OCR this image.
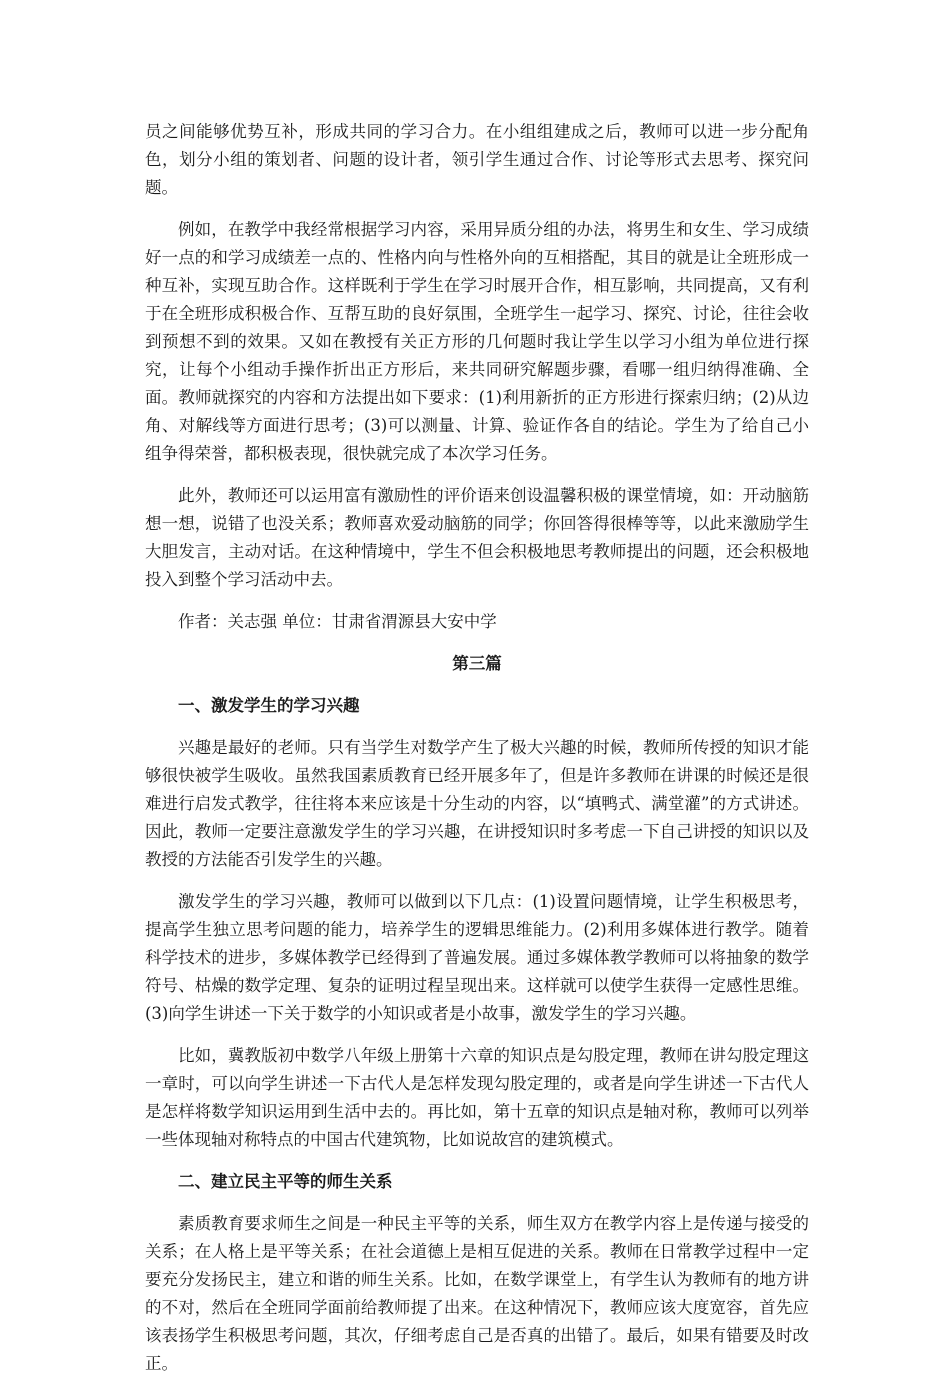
员之间能够优势互补，形成共同的学习合力。在小组组建成之后，教师可以进一步分配角色，划分小组的策划者、问题的设计者，领引学生通过合作、讨论等形式去思考、探究问题。

例如，在教学中我经常根据学习内容，采用异质分组的办法，将男生和女生、学习成绩好一点的和学习成绩差一点的、性格内向与性格外向的互相搭配，其目的就是让全班形成一种互补，实现互助合作。这样既利于学生在学习时展开合作，相互影响，共同提高，又有利于在全班形成积极合作、互帮互助的良好氛围，全班学生一起学习、探究、讨论，往往会收到预想不到的效果。又如在教授有关正方形的几何题时我让学生以学习小组为单位进行探究，让每个小组动手操作折出正方形后，来共同研究解题步骤，看哪一组归纳得准确、全面。教师就探究的内容和方法提出如下要求：(1)利用新折的正方形进行探索归纳；(2)从边角、对解线等方面进行思考；(3)可以测量、计算、验证作各自的结论。学生为了给自己小组争得荣誉，都积极表现，很快就完成了本次学习任务。

此外，教师还可以运用富有激励性的评价语来创设温馨积极的课堂情境，如：开动脑筋想一想，说错了也没关系；教师喜欢爱动脑筋的同学；你回答得很棒等等，以此来激励学生大胆发言，主动对话。在这种情境中，学生不但会积极地思考教师提出的问题，还会积极地投入到整个学习活动中去。

作者：关志强 单位：甘肃省渭源县大安中学

第三篇
一、激发学生的学习兴趣

兴趣是最好的老师。只有当学生对数学产生了极大兴趣的时候，教师所传授的知识才能够很快被学生吸收。虽然我国素质教育已经开展多年了，但是许多教师在讲课的时候还是很难进行启发式教学，往往将本来应该是十分生动的内容，以“填鸭式、满堂灌”的方式讲述。因此，教师一定要注意激发学生的学习兴趣，在讲授知识时多考虑一下自己讲授的知识以及教授的方法能否引发学生的兴趣。

激发学生的学习兴趣，教师可以做到以下几点：(1)设置问题情境，让学生积极思考，提高学生独立思考问题的能力，培养学生的逻辑思维能力。(2)利用多媒体进行教学。随着科学技术的进步，多媒体教学已经得到了普遍发展。通过多媒体教学教师可以将抽象的数学符号、枯燥的数学定理、复杂的证明过程呈现出来。这样就可以使学生获得一定感性思维。(3)向学生讲述一下关于数学的小知识或者是小故事，激发学生的学习兴趣。

比如，冀教版初中数学八年级上册第十六章的知识点是勾股定理，教师在讲勾股定理这一章时，可以向学生讲述一下古代人是怎样发现勾股定理的，或者是向学生讲述一下古代人是怎样将数学知识运用到生活中去的。再比如，第十五章的知识点是轴对称，教师可以列举一些体现轴对称特点的中国古代建筑物，比如说故宫的建筑模式。

二、建立民主平等的师生关系

素质教育要求师生之间是一种民主平等的关系，师生双方在教学内容上是传递与接受的关系；在人格上是平等关系；在社会道德上是相互促进的关系。教师在日常教学过程中一定要充分发扬民主，建立和谐的师生关系。比如，在数学课堂上，有学生认为教师有的地方讲的不对，然后在全班同学面前给教师提了出来。在这种情况下，教师应该大度宽容，首先应该表扬学生积极思考问题，其次，仔细考虑自己是否真的出错了。最后，如果有错要及时改正。
